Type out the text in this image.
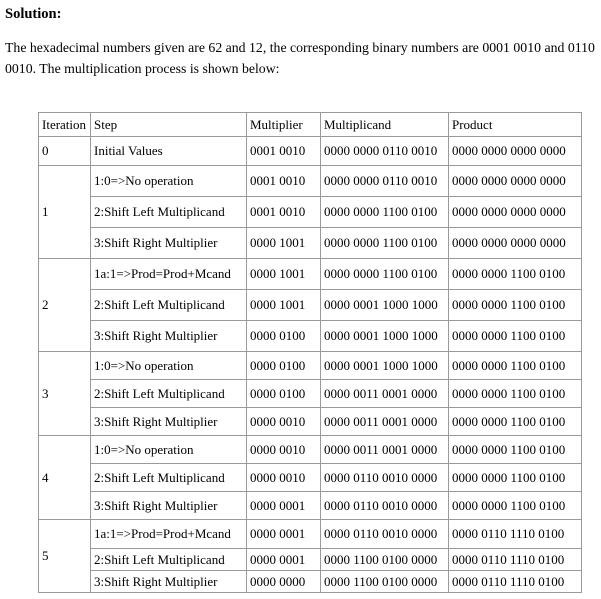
Solution:

The hexadecimal numbers given are 62 and 12, the corresponding binary numbers are 0001 0010 and 0110 0010. The multiplication process is shown below:

Iteration	Step	Multiplier	Multiplicand	Product
0	Initial Values	0001 0010	0000 0000 0110 0010	0000 0000 0000 0000
1	1:0=>No operation	0001 0010	0000 0000 0110 0010	0000 0000 0000 0000
	2:Shift Left Multiplicand	0001 0010	0000 0000 1100 0100	0000 0000 0000 0000
	3:Shift Right Multiplier	0000 1001	0000 0000 1100 0100	0000 0000 0000 0000
2	1a:1=>Prod=Prod+Mcand	0000 1001	0000 0000 1100 0100	0000 0000 1100 0100
	2:Shift Left Multiplicand	0000 1001	0000 0001 1000 1000	0000 0000 1100 0100
	3:Shift Right Multiplier	0000 0100	0000 0001 1000 1000	0000 0000 1100 0100
3	1:0=>No operation	0000 0100	0000 0001 1000 1000	0000 0000 1100 0100
	2:Shift Left Multiplicand	0000 0100	0000 0011 0001 0000	0000 0000 1100 0100
	3:Shift Right Multiplier	0000 0010	0000 0011 0001 0000	0000 0000 1100 0100
4	1:0=>No operation	0000 0010	0000 0011 0001 0000	0000 0000 1100 0100
	2:Shift Left Multiplicand	0000 0010	0000 0110 0010 0000	0000 0000 1100 0100
	3:Shift Right Multiplier	0000 0001	0000 0110 0010 0000	0000 0000 1100 0100
5	1a:1=>Prod=Prod+Mcand	0000 0001	0000 0110 0010 0000	0000 0110 1110 0100
	2:Shift Left Multiplicand	0000 0001	0000 1100 0100 0000	0000 0110 1110 0100
	3:Shift Right Multiplier	0000 0000	0000 1100 0100 0000	0000 0110 1110 0100
